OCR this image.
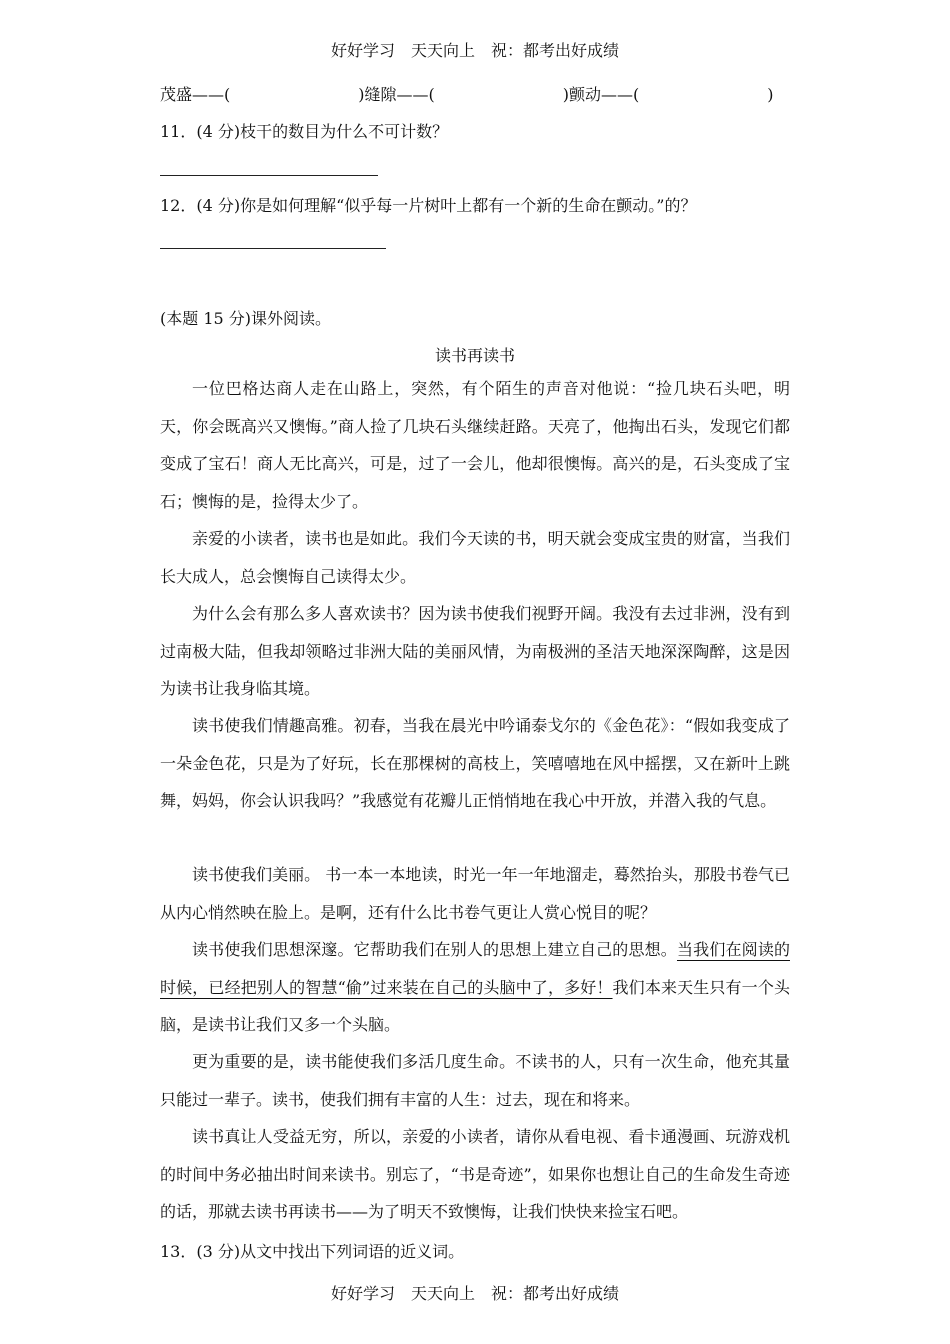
好好学习　天天向上　祝：都考出好成绩
茂盛——(　　　　　　　　)缝隙——(　　　　　　　　)颤动——(　　　　　　　　)
11．(4 分)枝干的数目为什么不可计数？
12．(4 分)你是如何理解“似乎每一片树叶上都有一个新的生命在颤动。”的？
(本题 15 分)课外阅读。
读书再读书

一位巴格达商人走在山路上，突然，有个陌生的声音对他说：“捡几块石头吧，明天，你会既高兴又懊悔。”商人捡了几块石头继续赶路。天亮了，他掏出石头，发现它们都变成了宝石！商人无比高兴，可是，过了一会儿，他却很懊悔。高兴的是，石头变成了宝石；懊悔的是，捡得太少了。

亲爱的小读者，读书也是如此。我们今天读的书，明天就会变成宝贵的财富，当我们长大成人，总会懊悔自己读得太少。

为什么会有那么多人喜欢读书？因为读书使我们视野开阔。我没有去过非洲，没有到过南极大陆，但我却领略过非洲大陆的美丽风情，为南极洲的圣洁天地深深陶醉，这是因为读书让我身临其境。

读书使我们情趣高雅。初春，当我在晨光中吟诵泰戈尔的《金色花》：“假如我变成了一朵金色花，只是为了好玩，长在那棵树的高枝上，笑嘻嘻地在风中摇摆，又在新叶上跳舞，妈妈，你会认识我吗？”我感觉有花瓣儿正悄悄地在我心中开放，并潜入我的气息。

读书使我们美丽。 书一本一本地读，时光一年一年地溜走，蓦然抬头，那股书卷气已从内心悄然映在脸上。是啊，还有什么比书卷气更让人赏心悦目的呢？

读书使我们思想深邃。它帮助我们在别人的思想上建立自己的思想。当我们在阅读的时候，已经把别人的智慧“偷”过来装在自己的头脑中了，多好！我们本来天生只有一个头脑，是读书让我们又多一个头脑。

更为重要的是，读书能使我们多活几度生命。不读书的人，只有一次生命，他充其量只能过一辈子。读书，使我们拥有丰富的人生：过去，现在和将来。

读书真让人受益无穷，所以，亲爱的小读者，请你从看电视、看卡通漫画、玩游戏机的时间中务必抽出时间来读书。别忘了，“书是奇迹”，如果你也想让自己的生命发生奇迹的话，那就去读书再读书——为了明天不致懊悔，让我们快快来捡宝石吧。

13．(3 分)从文中找出下列词语的近义词。
好好学习　天天向上　祝：都考出好成绩
